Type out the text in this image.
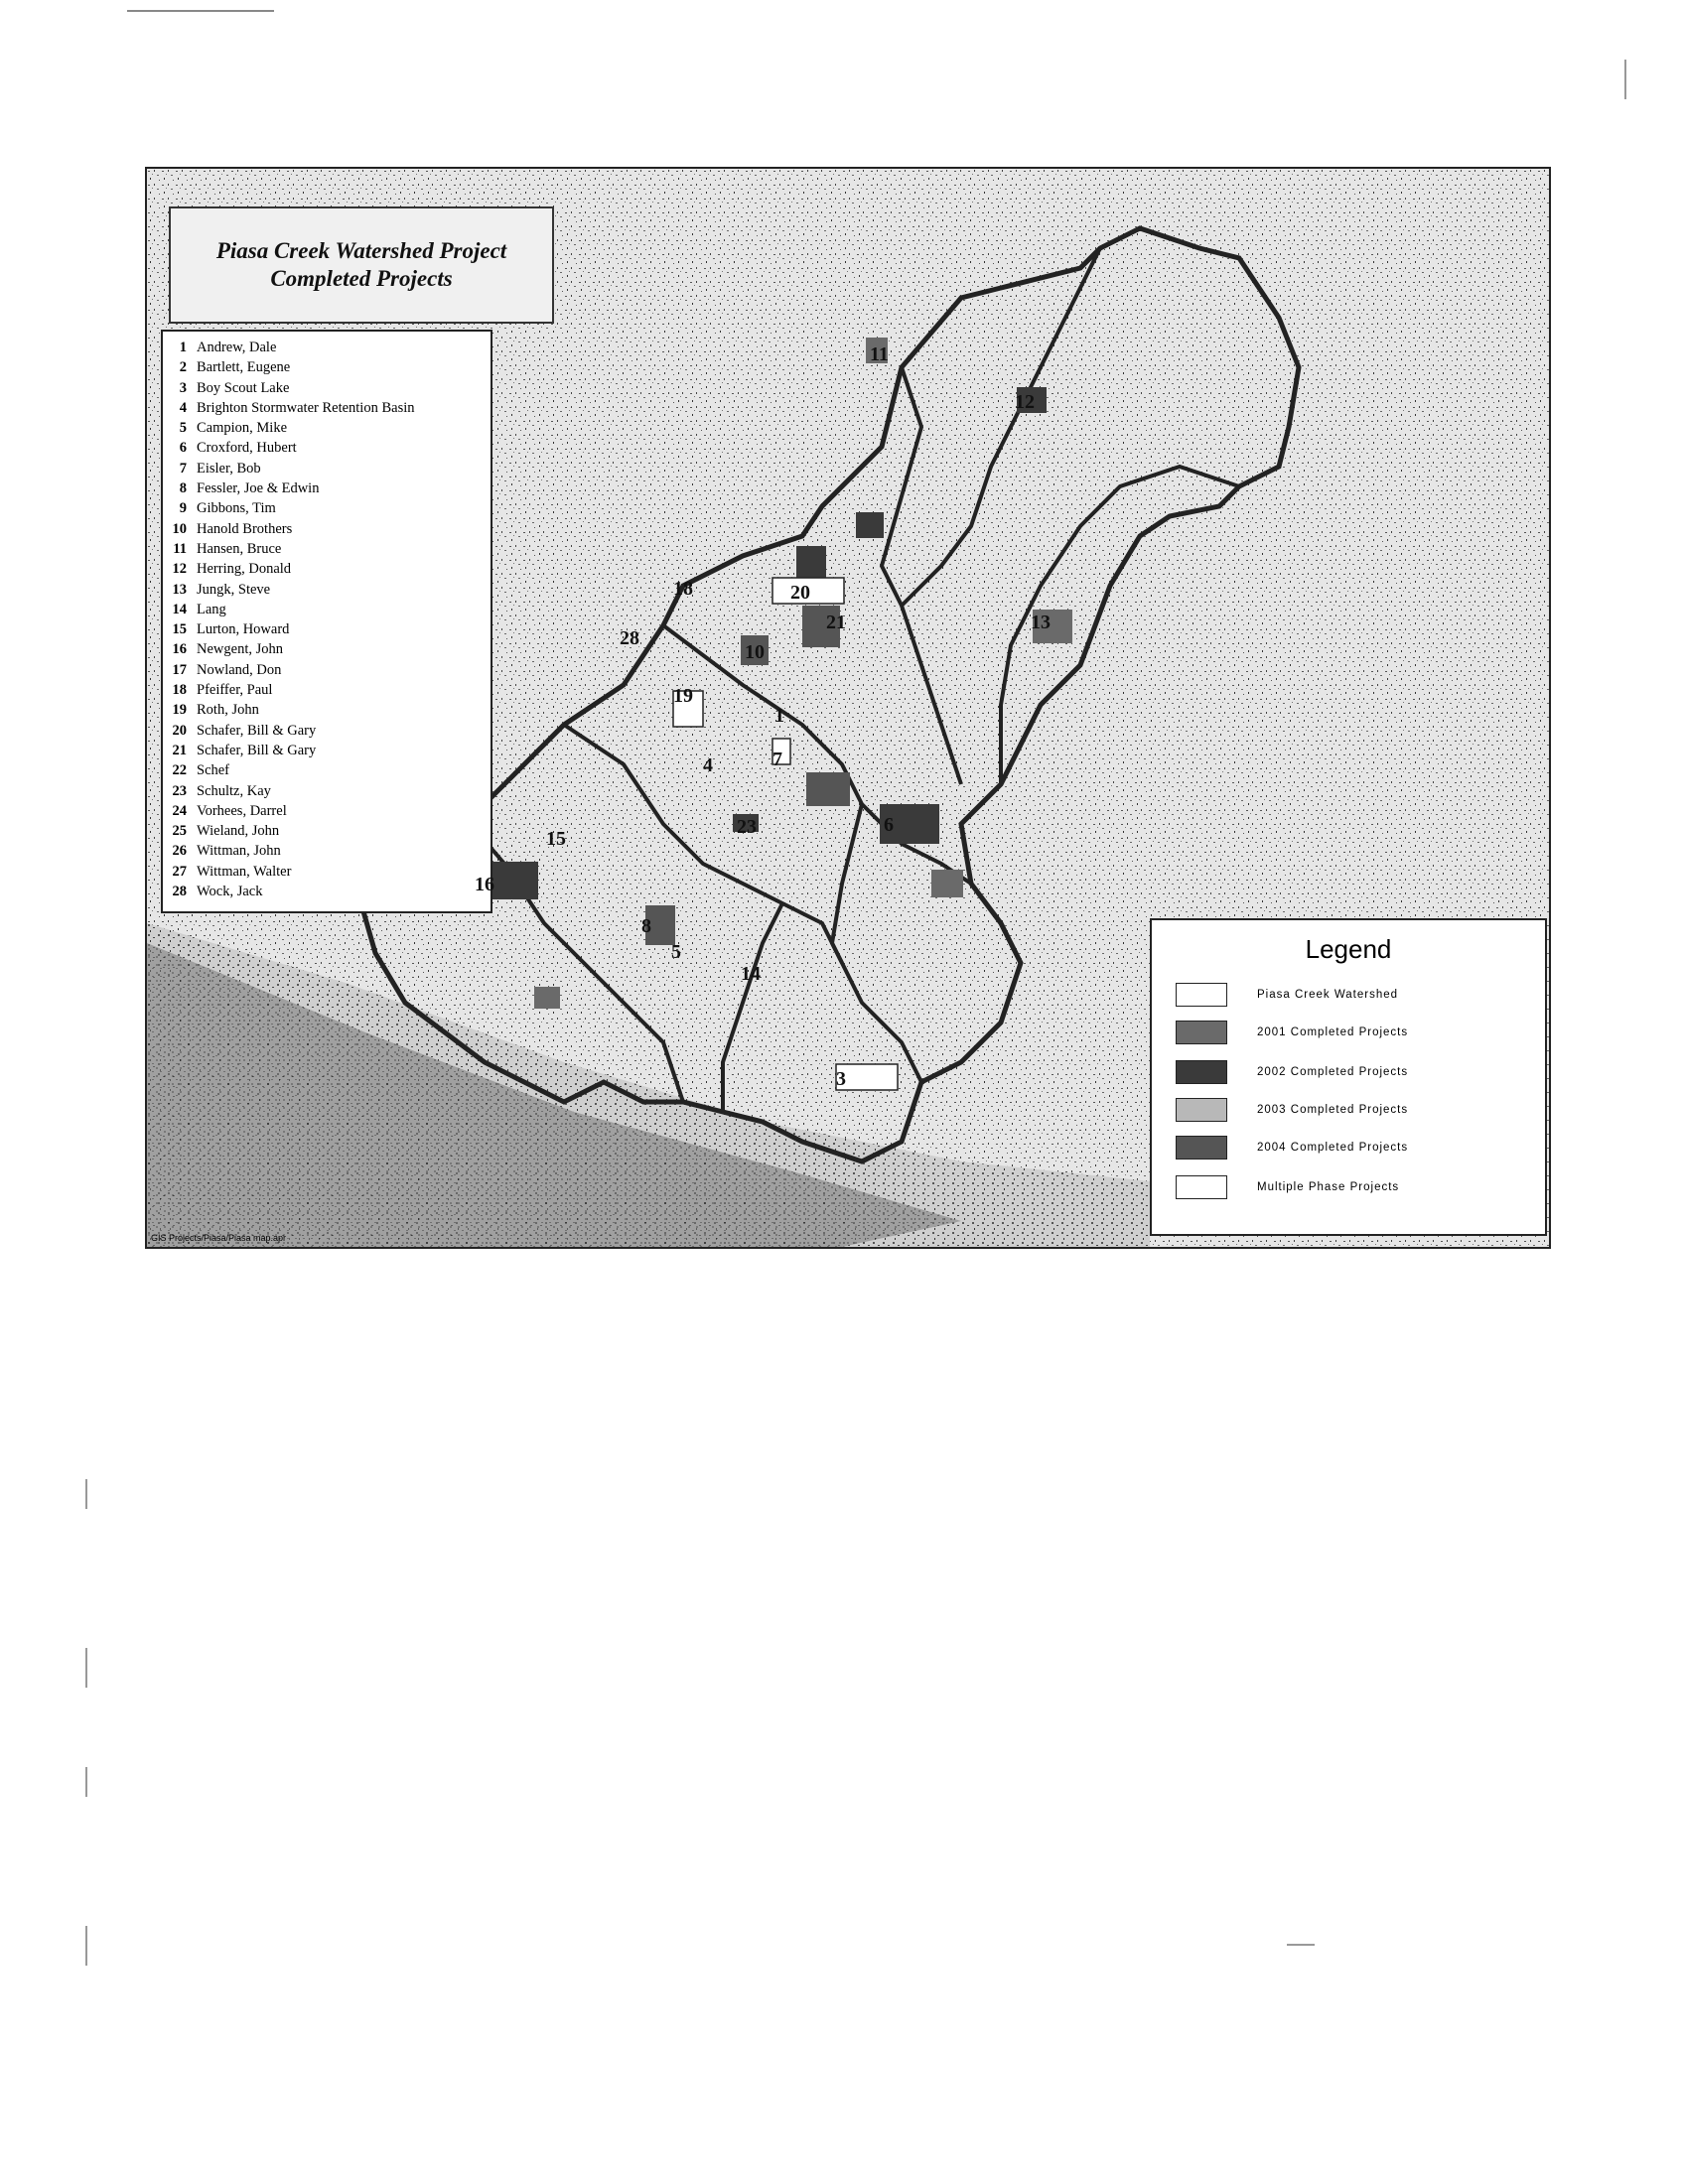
Piasa Creek Watershed Project
Completed Projects
1 Andrew, Dale
2 Bartlett, Eugene
3 Boy Scout Lake
4 Brighton Stormwater Retention Basin
5 Campion, Mike
6 Croxford, Hubert
7 Eisler, Bob
8 Fessler, Joe & Edwin
9 Gibbons, Tim
10 Hanold Brothers
11 Hansen, Bruce
12 Herring, Donald
13 Jungk, Steve
14 Lang
15 Lurton, Howard
16 Newgent, John
17 Nowland, Don
18 Pfeiffer, Paul
19 Roth, John
20 Schafer, Bill & Gary
21 Schafer, Bill & Gary
22 Schef
23 Schultz, Kay
24 Vorhees, Darrel
25 Wieland, John
26 Wittman, John
27 Wittman, Walter
28 Wock, Jack
11
12
13
18
28
20
21
10
19
1
7
23
15
8
5
6
14
3
4
16
Legend
Piasa Creek Watershed
2001 Completed Projects
2002 Completed Projects
2003 Completed Projects
2004 Completed Projects
Multiple Phase Projects
GIS Projects/Piasa/Piasa map.apr
